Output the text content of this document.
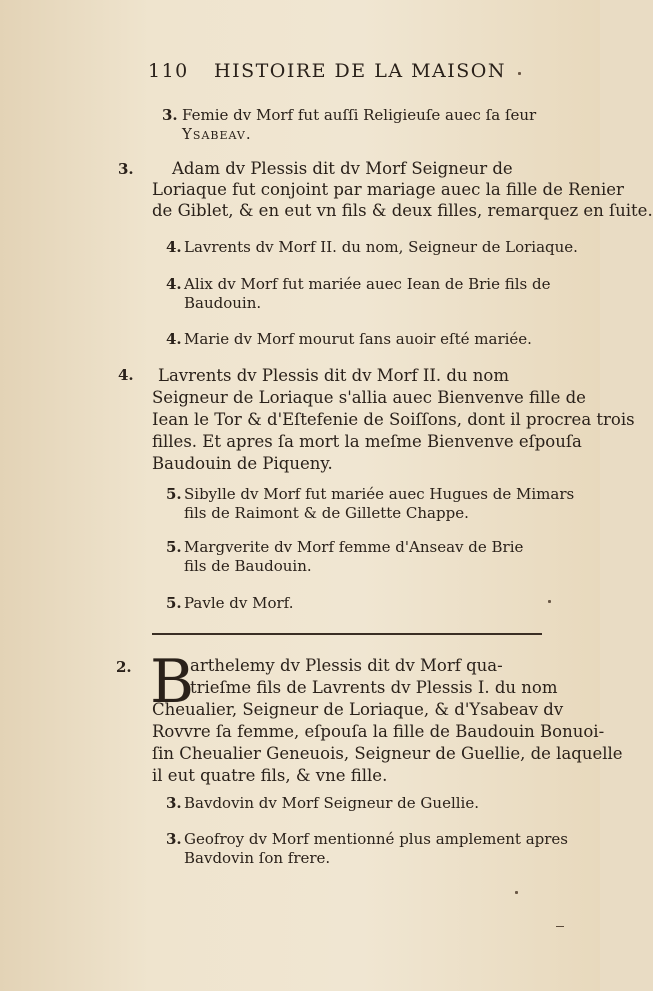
110 HISTOIRE DE LA MAISON
3. Femie dv Morf fut auſſi Religieuſe auec ſa ſeur
Ysabeav.
3. Adam dv Plessis dit dv Morf Seigneur de
Loriaque fut conjoint par mariage auec la fille de Renier
de Giblet, & en eut vn fils & deux filles, remarquez en ſuite.
4. Lavrents dv Morf II. du nom, Seigneur de Loriaque.
4. Alix dv Morf fut mariée auec Iean de Brie fils de
Baudouin.
4. Marie dv Morf mourut ſans auoir eſté mariée.
4. Lavrents dv Plessis dit dv Morf II. du nom
Seigneur de Loriaque s'allia auec Bienvenve fille de
Iean le Tor & d'Eſtefenie de Soiſſons, dont il procrea trois
filles. Et apres ſa mort la meſme Bienvenve eſpouſa
Baudouin de Piqueny.
5. Sibylle dv Morf fut mariée auec Hugues de Mimars
fils de Raimont & de Gillette Chappe.
5. Margverite dv Morf femme d'Anseav de Brie
fils de Baudouin.
5. Pavle dv Morf.
2. B
arthelemy dv Plessis dit dv Morf qua-
trieſme fils de Lavrents dv Plessis I. du nom
Cheualier, Seigneur de Loriaque, & d'Ysabeav dv
Rovvre ſa femme, eſpouſa la fille de Baudouin Bonuoi-
ſin Cheualier Geneuois, Seigneur de Guellie, de laquelle
il eut quatre fils, & vne fille.
3. Bavdovin dv Morf Seigneur de Guellie.
3. Geofroy dv Morf mentionné plus amplement apres
Bavdovin ſon frere.
